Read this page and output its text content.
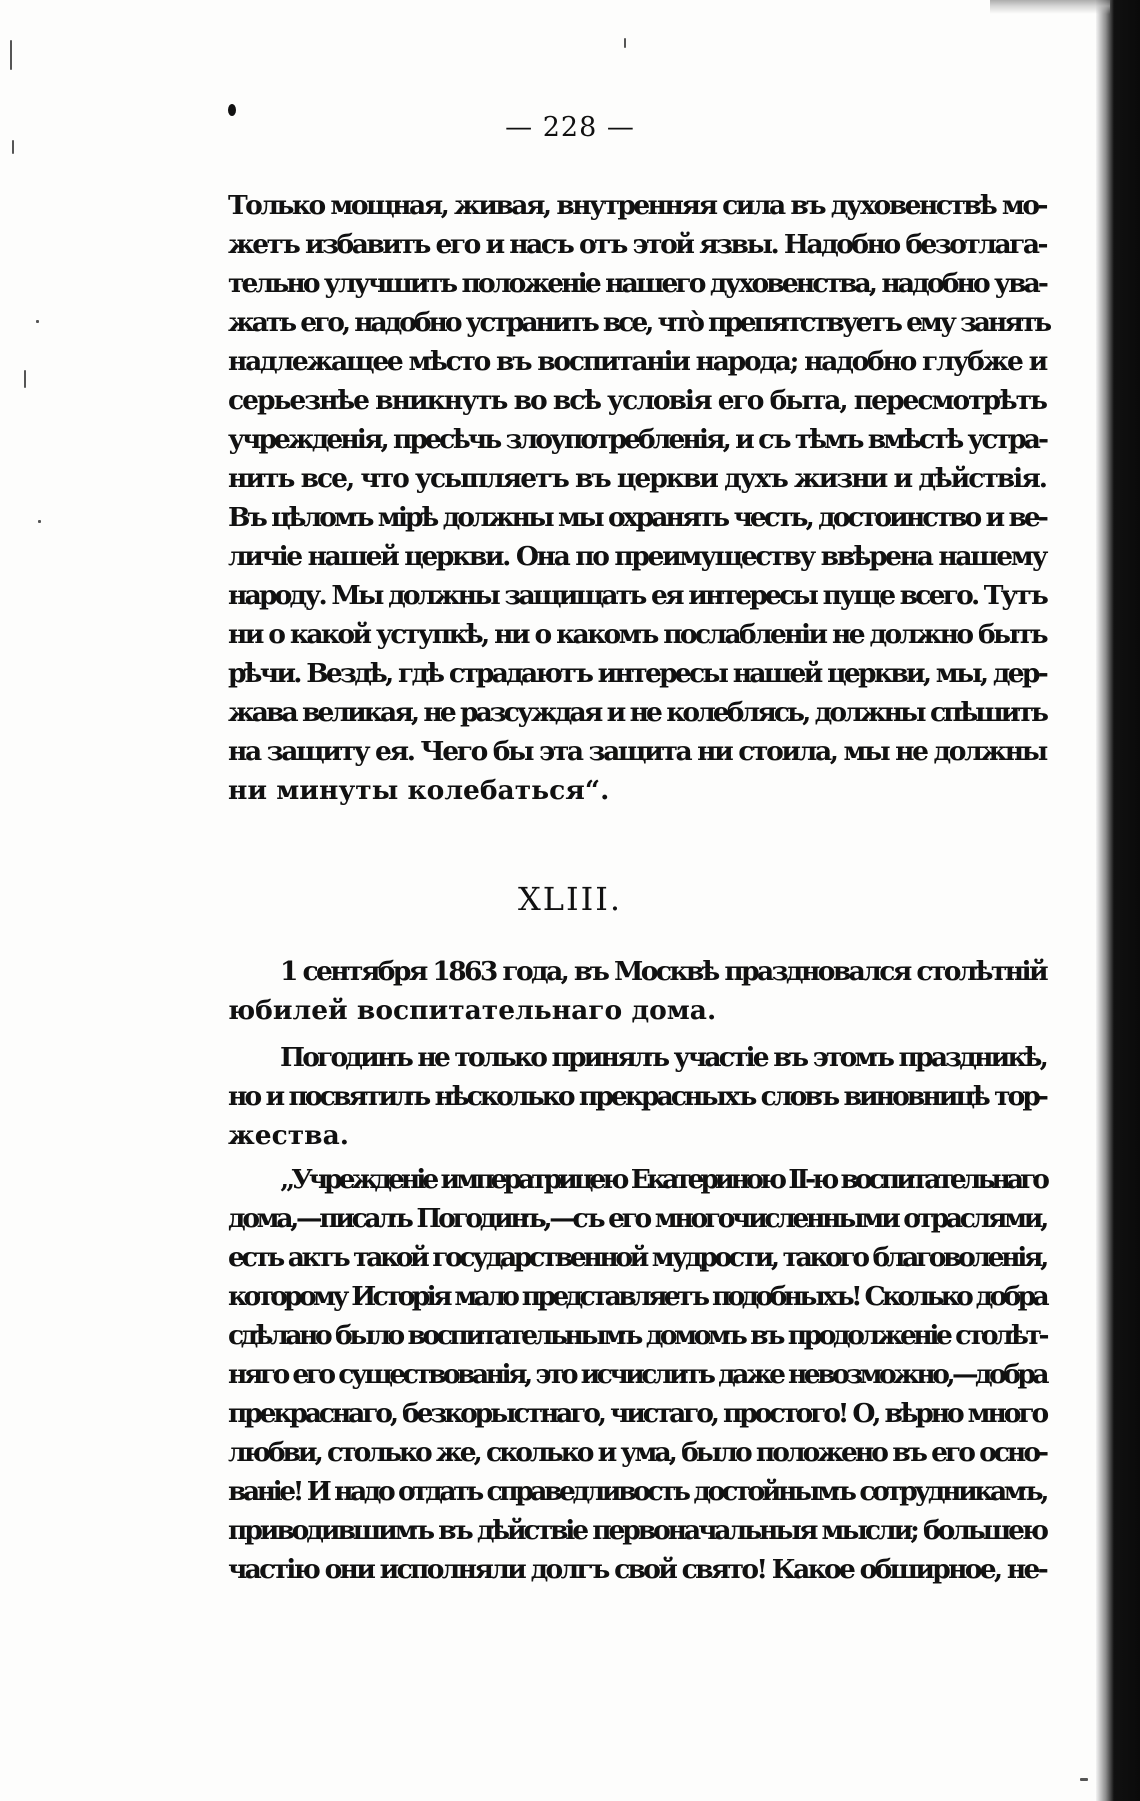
— 228 —
Только мощная, живая, внутренняя сила въ духовенствѣ мо-
жетъ избавить его и насъ отъ этой язвы. Надобно безотлага-
тельно улучшить положенiе нашего духовенства, надобно ува-
жать его, надобно устранить все, что̀ препятствуетъ ему занять
надлежащее мѣсто въ воспитанiи народа; надобно глубже и
серьезнѣе вникнуть во всѣ условiя его быта, пересмотрѣть
учрежденiя, пресѣчь злоупотребленiя, и съ тѣмъ вмѣстѣ устра-
нить все, что усыпляетъ въ церкви духъ жизни и дѣйствiя.
Въ цѣломъ мiрѣ должны мы охранять честь, достоинство и ве-
личiе нашей церкви. Она по преимуществу ввѣрена нашему
народу. Мы должны защищать ея интересы пуще всего. Тутъ
ни о какой уступкѣ, ни о какомъ послабленiи не должно быть
рѣчи. Вездѣ, гдѣ страдаютъ интересы нашей церкви, мы, дер-
жава великая, не разсуждая и не колеблясь, должны спѣшить
на защиту ея. Чего бы эта защита ни стоила, мы не должны
ни минуты колебаться“.
XLIII.
1 сентября 1863 года, въ Москвѣ праздновался столѣтнiй
юбилей воспитательнаго дома.
Погодинъ не только принялъ участiе въ этомъ праздникѣ,
но и посвятилъ нѣсколько прекрасныхъ словъ виновницѣ тор-
жества.
„Учрежденiе императрицею Екатериною II-ю воспитательнаго
дома,—писалъ Погодинъ,—съ его многочисленными отраслями,
есть актъ такой государственной мудрости, такого благоволенiя,
которому Исторiя мало представляетъ подобныхъ! Сколько добра
сдѣлано было воспитательнымъ домомъ въ продолженiе столѣт-
няго его существованiя, это исчислить даже невозможно,—добра
прекраснаго, безкорыстнаго, чистаго, простого! О, вѣрно много
любви, столько же, сколько и ума, было положено въ его осно-
ванiе! И надо отдать справедливость достойнымъ сотрудникамъ,
приводившимъ въ дѣйствiе первоначальныя мысли; большею
частiю они исполняли долгъ свой свято! Какое обширное, не-
